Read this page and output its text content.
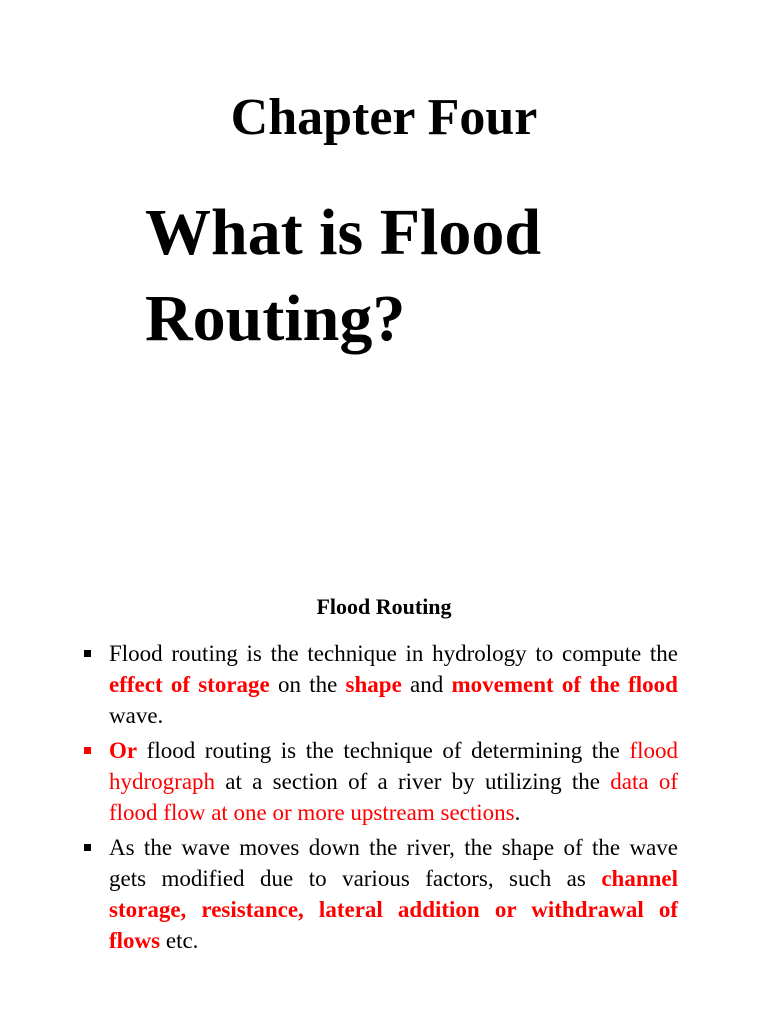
Chapter Four
What is Flood Routing?
Flood Routing
Flood routing is the technique in hydrology to compute the effect of storage on the shape and movement of the flood wave.
Or flood routing is the technique of determining the flood hydrograph at a section of a river by utilizing the data of flood flow at one or more upstream sections.
As the wave moves down the river, the shape of the wave gets modified due to various factors, such as channel storage, resistance, lateral addition or withdrawal of flows etc.
